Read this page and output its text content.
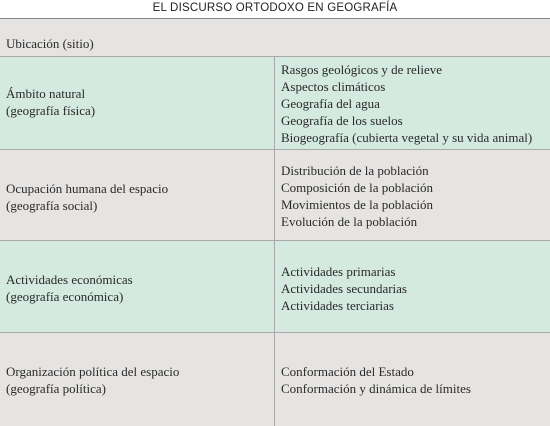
EL DISCURSO ORTODOXO EN GEOGRAFÍA
Ubicación (sitio)
Ámbito natural
(geografía física)
Rasgos geológicos y de relieve
Aspectos climáticos
Geografía del agua
Geografía de los suelos
Biogeografía (cubierta vegetal y su vida animal)
Ocupación humana del espacio
(geografía social)
Distribución de la población
Composición de la población
Movimientos de la población
Evolución de la población
Actividades económicas
(geografía económica)
Actividades primarias
Actividades secundarias
Actividades terciarias
Organización política del espacio
(geografía política)
Conformación del Estado
Conformación y dinámica de límites
